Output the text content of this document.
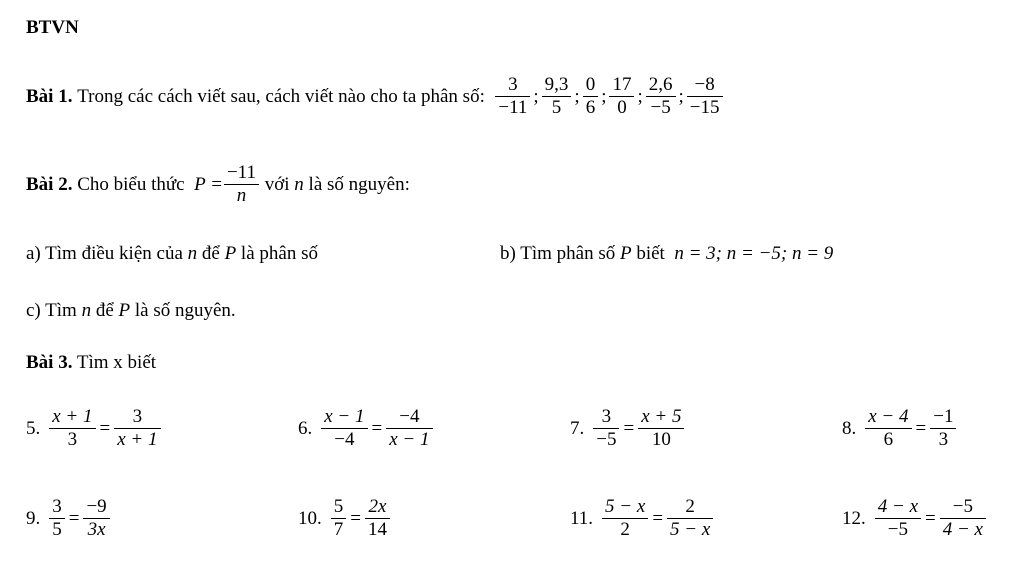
BTVN
Bài 1.
Trong các cách viết sau, cách viết nào cho ta phân số:
$\frac{3}{-11}$ ; $\frac{9,3}{5}$ ; $\frac{0}{6}$ ; $\frac{17}{0}$ ; $\frac{2,6}{-5}$ ; $\frac{-8}{-15}$
Bài 2.
Cho biểu thức
$P = \frac{-11}{n}$
với
n
là số nguyên:
a) Tìm điều kiện của n để P là phân số	b) Tìm phân số P biết n = 3; n = −5; n = 9
c) Tìm n để P là số nguyên.
Bài 3. Tìm x biết
5. $\frac{x + 1}{3} = \frac{3}{x + 1}$	6. $\frac{x - 1}{-4} = \frac{-4}{x - 1}$	7. $\frac{3}{-5} = \frac{x + 5}{10}$	8. $\frac{x - 4}{6} = \frac{-1}{3}$
9. $\frac{3}{5} = \frac{-9}{3x}$	10. $\frac{5}{7} = \frac{2x}{14}$	11. $\frac{5 - x}{2} = \frac{2}{5 - x}$	12. $\frac{4 - x}{-5} = \frac{-5}{4 - x}$
